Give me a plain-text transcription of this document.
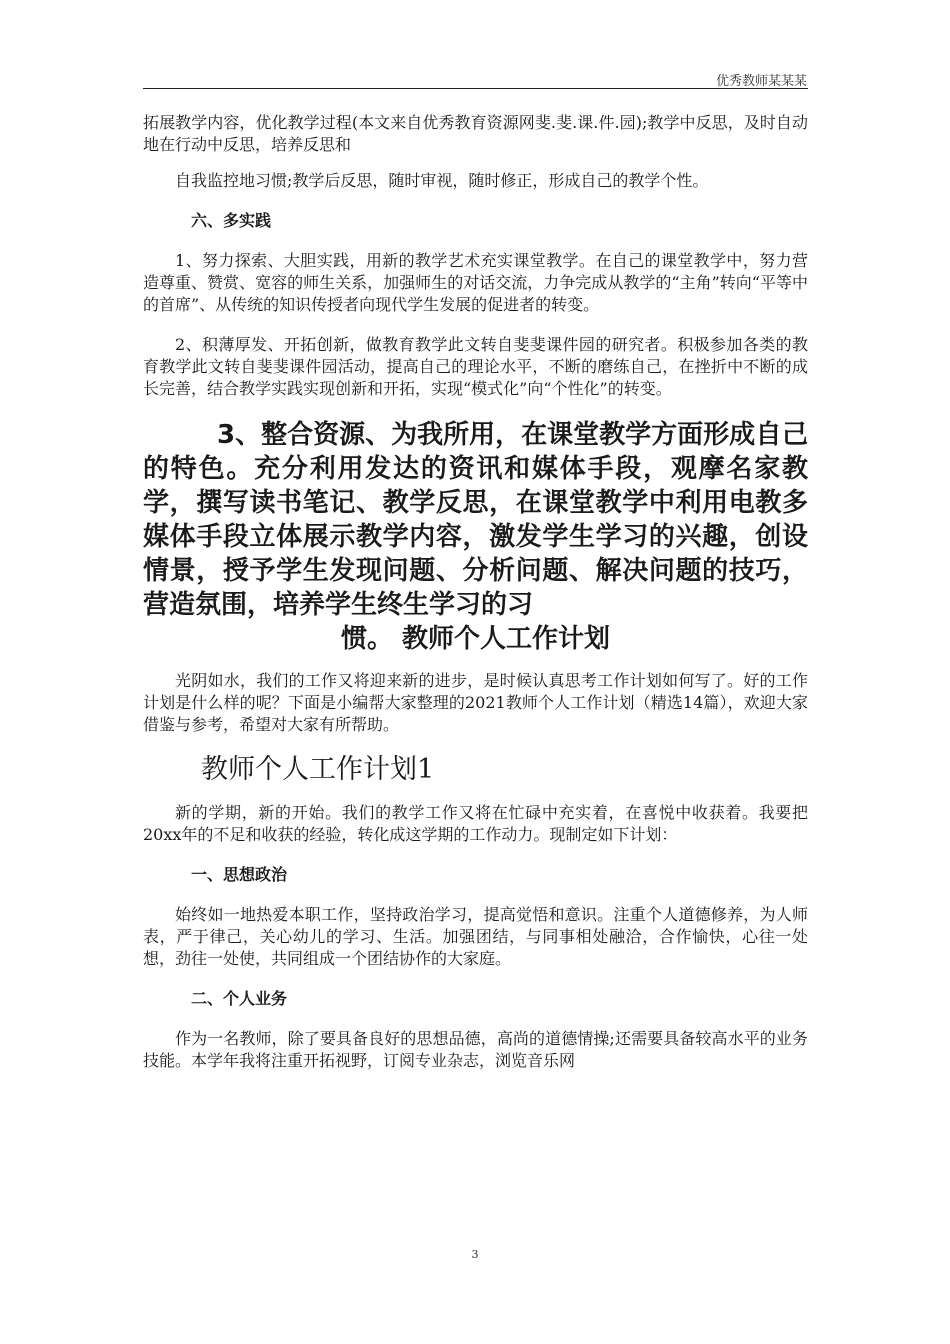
优秀教师某某某

拓展教学内容，优化教学过程(本文来自优秀教育资源网斐.斐.课.件.园);教学中反思，及时自动地在行动中反思，培养反思和

自我监控地习惯;教学后反思，随时审视，随时修正，形成自己的教学个性。

六、多实践

1、努力探索、大胆实践，用新的教学艺术充实课堂教学。在自己的课堂教学中，努力营造尊重、赞赏、宽容的师生关系，加强师生的对话交流，力争完成从教学的“主角”转向“平等中的首席”、从传统的知识传授者向现代学生发展的促进者的转变。

2、积薄厚发、开拓创新，做教育教学此文转自斐斐课件园的研究者。积极参加各类的教育教学此文转自斐斐课件园活动，提高自己的理论水平，不断的磨练自己，在挫折中不断的成长完善，结合教学实践实现创新和开拓，实现“模式化”向“个性化”的转变。

3、整合资源、为我所用，在课堂教学方面形成自己的特色。充分利用发达的资讯和媒体手段，观摩名家教学，撰写读书笔记、教学反思，在课堂教学中利用电教多媒体手段立体展示教学内容，激发学生学习的兴趣，创设情景，授予学生发现问题、分析问题、解决问题的技巧，营造氛围，培养学生终生学习的习

惯。 教师个人工作计划

光阴如水，我们的工作又将迎来新的进步，是时候认真思考工作计划如何写了。好的工作计划是什么样的呢？下面是小编帮大家整理的2021教师个人工作计划（精选14篇），欢迎大家借鉴与参考，希望对大家有所帮助。

教师个人工作计划1

新的学期，新的开始。我们的教学工作又将在忙碌中充实着，在喜悦中收获着。我要把20xx年的不足和收获的经验，转化成这学期的工作动力。现制定如下计划：

一、思想政治

始终如一地热爱本职工作，坚持政治学习，提高觉悟和意识。注重个人道德修养，为人师表，严于律己，关心幼儿的学习、生活。加强团结，与同事相处融洽，合作愉快，心往一处想，劲往一处使，共同组成一个团结协作的大家庭。

二、个人业务

作为一名教师，除了要具备良好的思想品德，高尚的道德情操;还需要具备较高水平的业务技能。本学年我将注重开拓视野，订阅专业杂志，浏览音乐网

3
